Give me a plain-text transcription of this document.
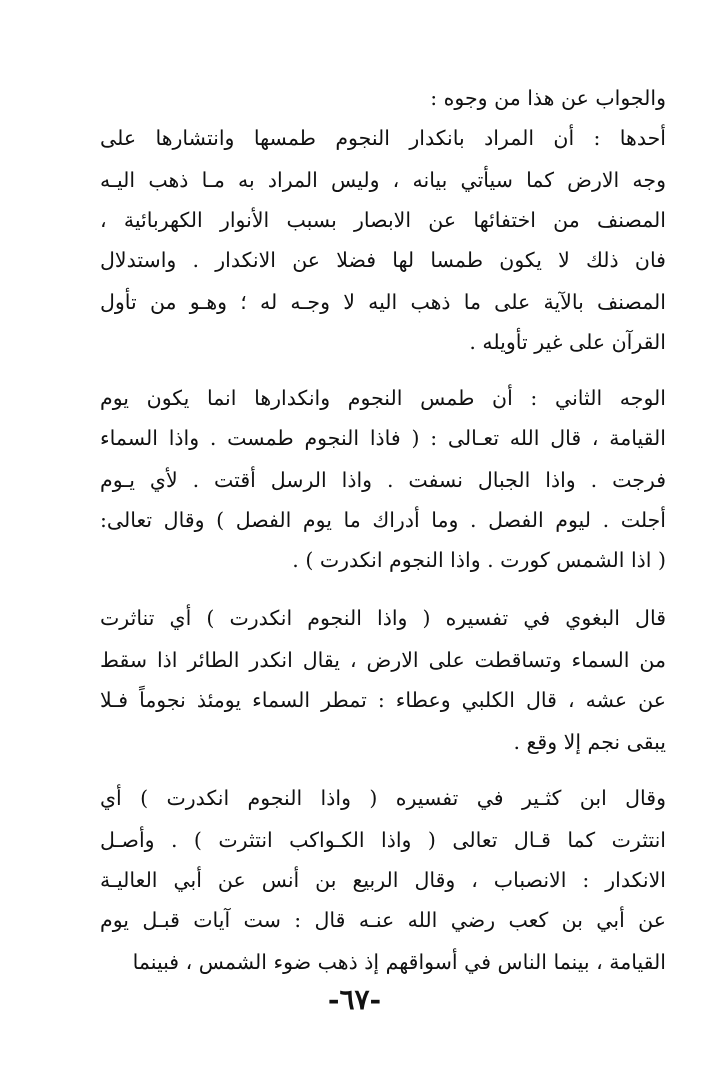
والجواب عن هذا من وجوه :
أحدها : أن المراد بانكدار النجوم طمسها وانتشارها على
وجه الارض كما سيأتي بيانه ، وليس المراد به مـا ذهب اليـه
المصنف من اختفائها عن الابصار بسبب الأنوار الكهربائية ،
فان ذلك لا يكون طمسا لها فضلا عن الانكدار . واستدلال
المصنف بالآية على ما ذهب اليه لا وجـه له ؛ وهـو من تأول
القرآن على غير تأويله .
الوجه الثاني : أن طمس النجوم وانكدارها انما يكون يوم
القيامة ، قال الله تعـالى : ( فاذا النجوم طمست . واذا السماء
فرجت . واذا الجبال نسفت . واذا الرسل أقتت . لأي يـوم
أجلت . ليوم الفصل . وما أدراك ما يوم الفصل ) وقال تعالى:
( اذا الشمس كورت . واذا النجوم انكدرت ) .
قال البغوي في تفسيره ( واذا النجوم انكدرت ) أي تناثرت
من السماء وتساقطت على الارض ، يقال انكدر الطائر اذا سقط
عن عشه ، قال الكلبي وعطاء : تمطر السماء يومئذ نجوماً فـلا
يبقى نجم إلا وقع .
وقال ابن كثـير في تفسيره ( واذا النجوم انكدرت ) أي
انتثرت كما قـال تعالى ( واذا الكـواكب انتثرت ) . وأصـل
الانكدار : الانصباب ، وقال الربيع بن أنس عن أبي العاليـة
عن أبي بن كعب رضي الله عنـه قال : ست آيات قبـل يوم
القيامة ، بينما الناس في أسواقهم إذ ذهب ضوء الشمس ، فبينما
-٦٧-
